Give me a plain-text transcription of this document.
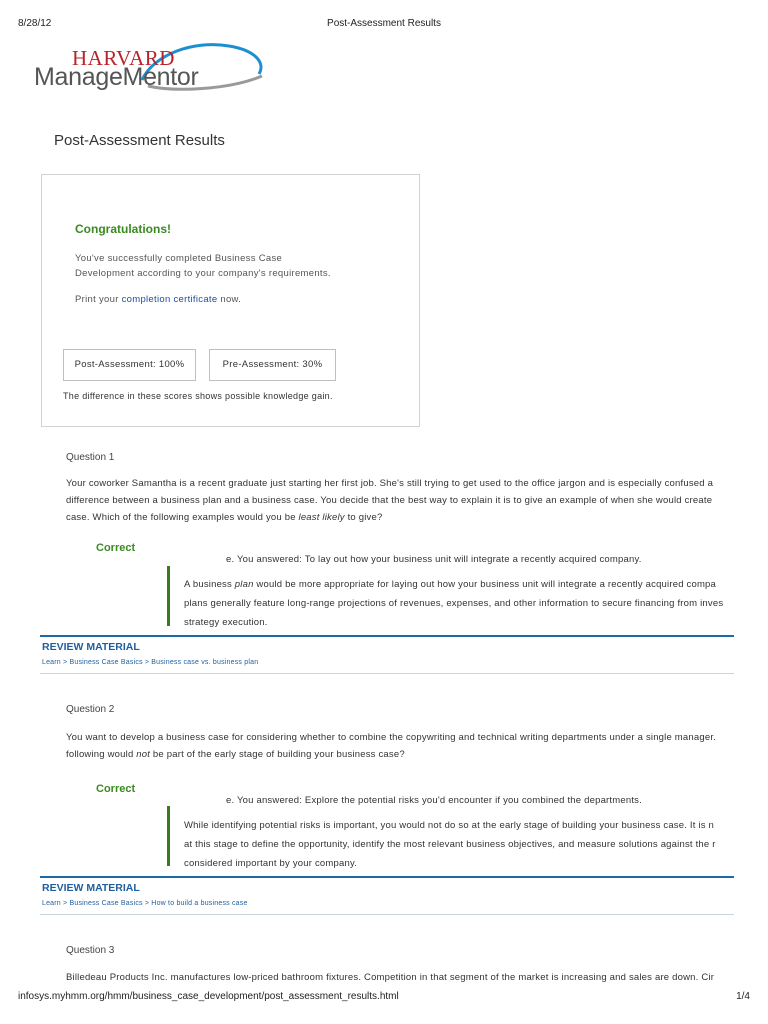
8/28/12	Post-Assessment Results
HARVARD
ManageMentor
Post-Assessment Results
Congratulations!
You've successfully completed Business Case
Development according to your company's requirements.
Print your completion certificate now.
Post-Assessment: 100%	Pre-Assessment: 30%
The difference in these scores shows possible knowledge gain.
Question 1
Your coworker Samantha is a recent graduate just starting her first job. She's still trying to get used to the office jargon and is especially confused a
difference between a business plan and a business case. You decide that the best way to explain it is to give an example of when she would create
case. Which of the following examples would you be least likely to give?
Correct
e. You answered: To lay out how your business unit will integrate a recently acquired company.
A business plan would be more appropriate for laying out how your business unit will integrate a recently acquired compa
plans generally feature long-range projections of revenues, expenses, and other information to secure financing from inves
strategy execution.
REVIEW MATERIAL
Learn > Business Case Basics > Business case vs. business plan
Question 2
You want to develop a business case for considering whether to combine the copywriting and technical writing departments under a single manager.
following would not be part of the early stage of building your business case?
Correct
e. You answered: Explore the potential risks you'd encounter if you combined the departments.
While identifying potential risks is important, you would not do so at the early stage of building your business case. It is n
at this stage to define the opportunity, identify the most relevant business objectives, and measure solutions against the r
considered important by your company.
REVIEW MATERIAL
Learn > Business Case Basics > How to build a business case
Question 3
Billedeau Products Inc. manufactures low-priced bathroom fixtures. Competition in that segment of the market is increasing and sales are down. Cir
infosys.myhmm.org/hmm/business_case_development/post_assessment_results.html	1/4
